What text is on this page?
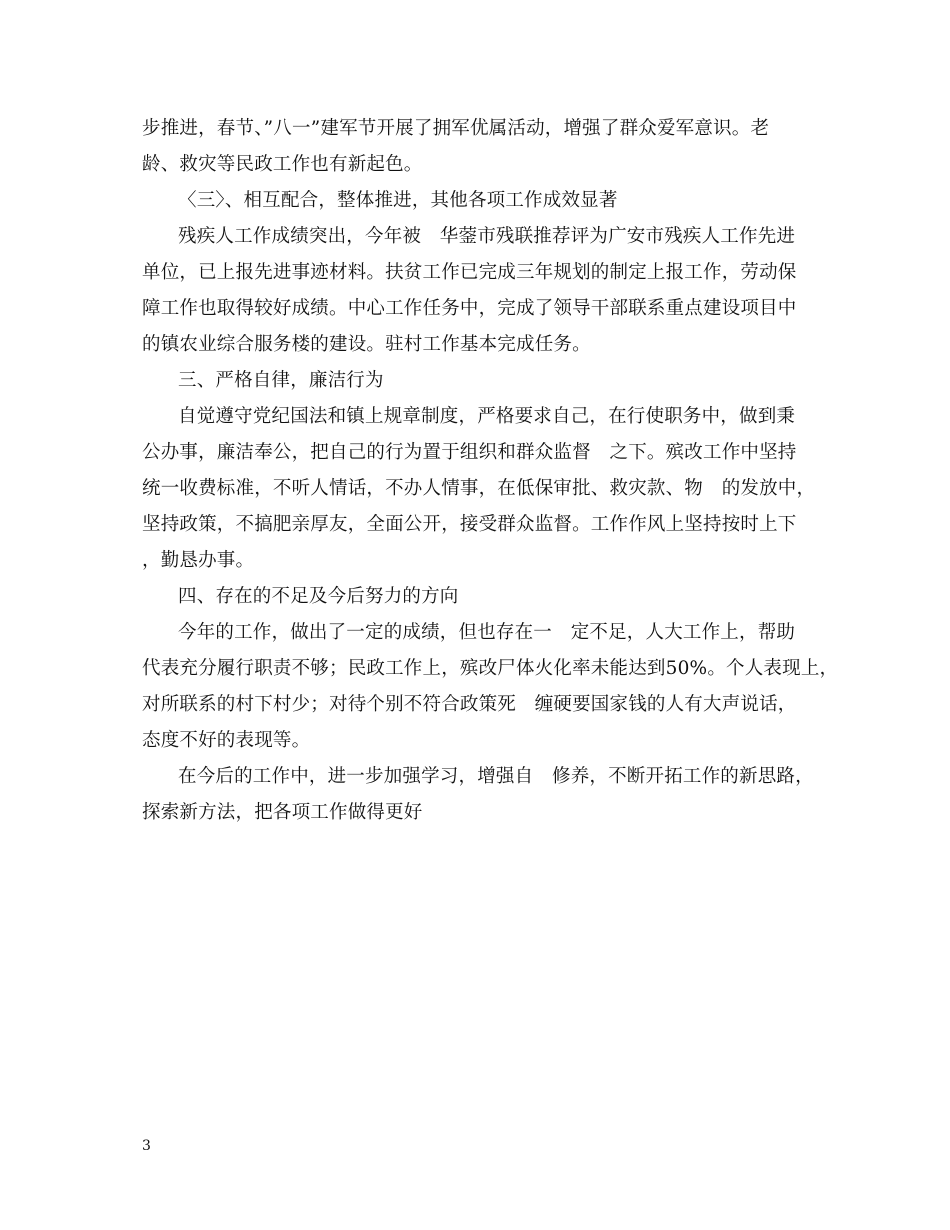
步推进，春节、”八一”建军节开展了拥军优属活动，增强了群众爱军意识。老
龄、救灾等民政工作也有新起色。
〈三〉、相互配合，整体推进，其他各项工作成效显著
残疾人工作成绩突出，今年被　华蓥市残联推荐评为广安市残疾人工作先进
单位，已上报先进事迹材料。扶贫工作已完成三年规划的制定上报工作，劳动保
障工作也取得较好成绩。中心工作任务中，完成了领导干部联系重点建设项目中
的镇农业综合服务楼的建设。驻村工作基本完成任务。
三、严格自律，廉洁行为
自觉遵守党纪国法和镇上规章制度，严格要求自己，在行使职务中，做到秉
公办事，廉洁奉公，把自己的行为置于组织和群众监督　之下。殡改工作中坚持
统一收费标准，不听人情话，不办人情事，在低保审批、救灾款、物　的发放中，
坚持政策，不搞肥亲厚友，全面公开，接受群众监督。工作作风上坚持按时上下
，勤恳办事。
四、存在的不足及今后努力的方向
今年的工作，做出了一定的成绩，但也存在一　定不足，人大工作上，帮助
代表充分履行职责不够；民政工作上，殡改尸体火化率未能达到50%。个人表现上，
对所联系的村下村少；对待个别不符合政策死　缠硬要国家钱的人有大声说话，
态度不好的表现等。
在今后的工作中，进一步加强学习，增强自　修养，不断开拓工作的新思路，
探索新方法，把各项工作做得更好
3
